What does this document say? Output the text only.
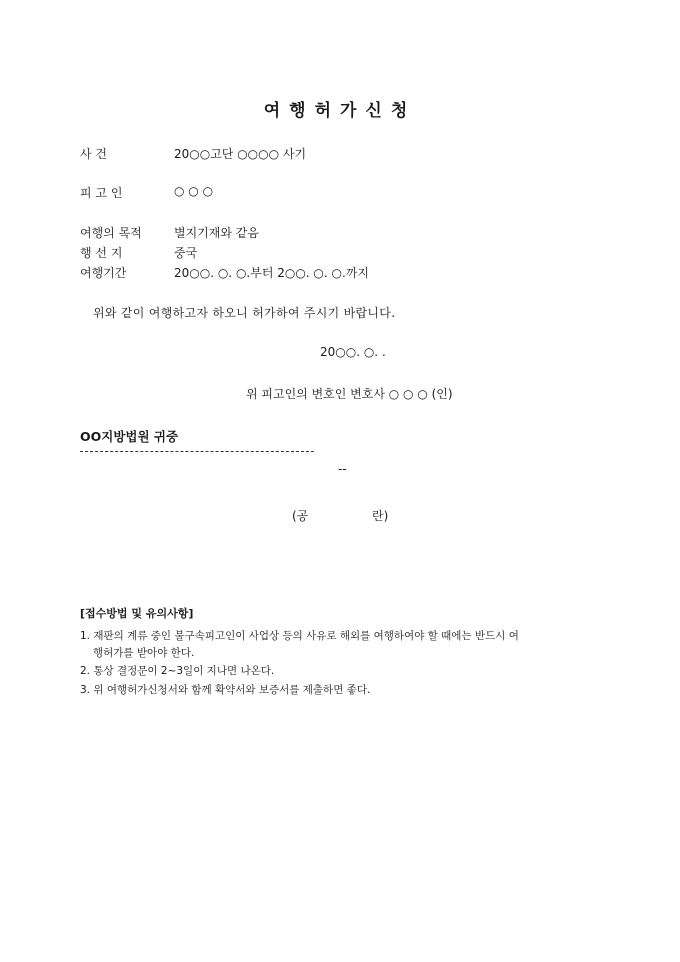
여행허가신청
사 건	20○○고단 ○○○○ 사기
피 고 인	○ ○ ○
여행의 목적	별지기재와 같음
행 선 지	중국
여행기간	20○○. ○. ○.부터 2○○. ○. ○.까지
위와 같이 여행하고자 하오니 허가하여 주시기 바랍니다.
20○○. ○. .
위 피고인의 변호인 변호사 ○ ○ ○ (인)
OO지방법원 귀중
--
(공	란)
[접수방법 및 유의사항]
1. 재판의 계류 중인 불구속피고인이 사업상 등의 사유로 해외를 여행하여야 할 때에는 반드시 여
행허가를 받아야 한다.
2. 통상 결정문이 2~3일이 지나면 나온다.
3. 위 여행허가신청서와 함께 확약서와 보증서를 제출하면 좋다.
